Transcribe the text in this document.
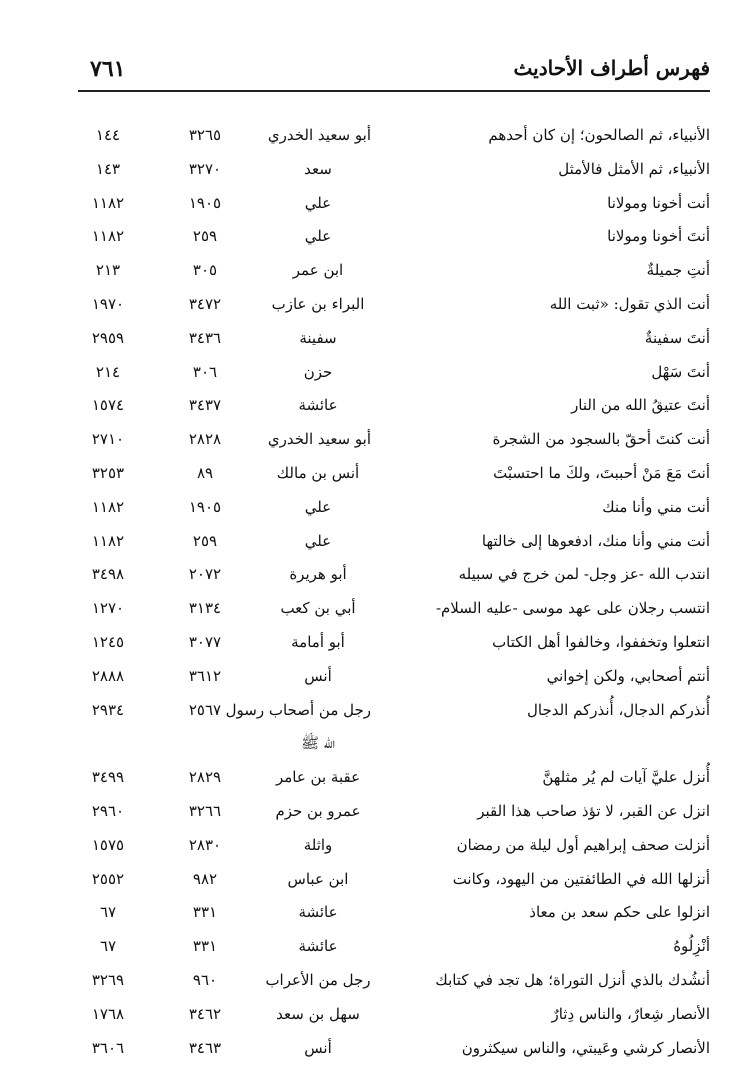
٧٦١	فهرس أطراف الأحاديث
الأنبياء، ثم الصالحون؛ إن كان أحدهم
أبو سعيد الخدري
٣٢٦٥
١٤٤
الأنبياء، ثم الأمثل فالأمثل
سعد
٣٢٧٠
١٤٣
أنت أخونا ومولانا
علي
١٩٠٥
١١٨٢
أنتَ أخونا ومولانا
علي
٢٥٩
١١٨٢
أنتِ جميلةٌ
ابن عمر
٣٠٥
٢١٣
أنت الذي تقول: «ثبت الله
البراء بن عازب
٣٤٧٢
١٩٧٠
أنتَ سفينةٌ
سفينة
٣٤٣٦
٢٩٥٩
أنتَ سَهْل
حزن
٣٠٦
٢١٤
أنتَ عتيقُ الله من النار
عائشة
٣٤٣٧
١٥٧٤
أنت كنتَ أحقّ بالسجود من الشجرة
أبو سعيد الخدري
٢٨٢٨
٢٧١٠
أنتَ مَعَ مَنْ أحببتَ، ولكَ ما احتسبْتَ
أنس بن مالك
٨٩
٣٢٥٣
أنت مني وأنا منك
علي
١٩٠٥
١١٨٢
أنت مني وأنا منك، ادفعوها إلى خالتها
علي
٢٥٩
١١٨٢
انتدب الله -عز وجل- لمن خرج في سبيله
أبو هريرة
٢٠٧٢
٣٤٩٨
انتسب رجلان على عهد موسى -عليه السلام-
أبي بن كعب
٣١٣٤
١٢٧٠
انتعلوا وتخففوا، وخالفوا أهل الكتاب
أبو أمامة
٣٠٧٧
١٢٤٥
أنتم أصحابي، ولكن إخواني
أنس
٣٦١٢
٢٨٨٨
أُنذركم الدجال، أُنذركم الدجال
رجل من أصحاب رسول
٢٥٦٧
٢٩٣٤
الله ﷺ
أُنزل عليَّ آيات لم يُر مثلهنَّ
عقبة بن عامر
٢٨٢٩
٣٤٩٩
انزل عن القبر، لا تؤذ صاحب هذا القبر
عمرو بن حزم
٣٢٦٦
٢٩٦٠
أنزلت صحف إبراهيم أول ليلة من رمضان
واثلة
٢٨٣٠
١٥٧٥
أنزلها الله في الطائفتين من اليهود، وكانت
ابن عباس
٩٨٢
٢٥٥٢
انزلوا على حكم سعد بن معاذ
عائشة
٣٣١
٦٧
أنْزِلُوهُ
عائشة
٣٣١
٦٧
أنشُدك بالذي أنزل التوراة؛ هل تجد في كتابك
رجل من الأعراب
٩٦٠
٣٢٦٩
الأنصار شِعارٌ، والناس دِثارٌ
سهل بن سعد
٣٤٦٢
١٧٦٨
الأنصار كرشي وعَيبتي، والناس سيكثرون
أنس
٣٤٦٣
٣٦٠٦
